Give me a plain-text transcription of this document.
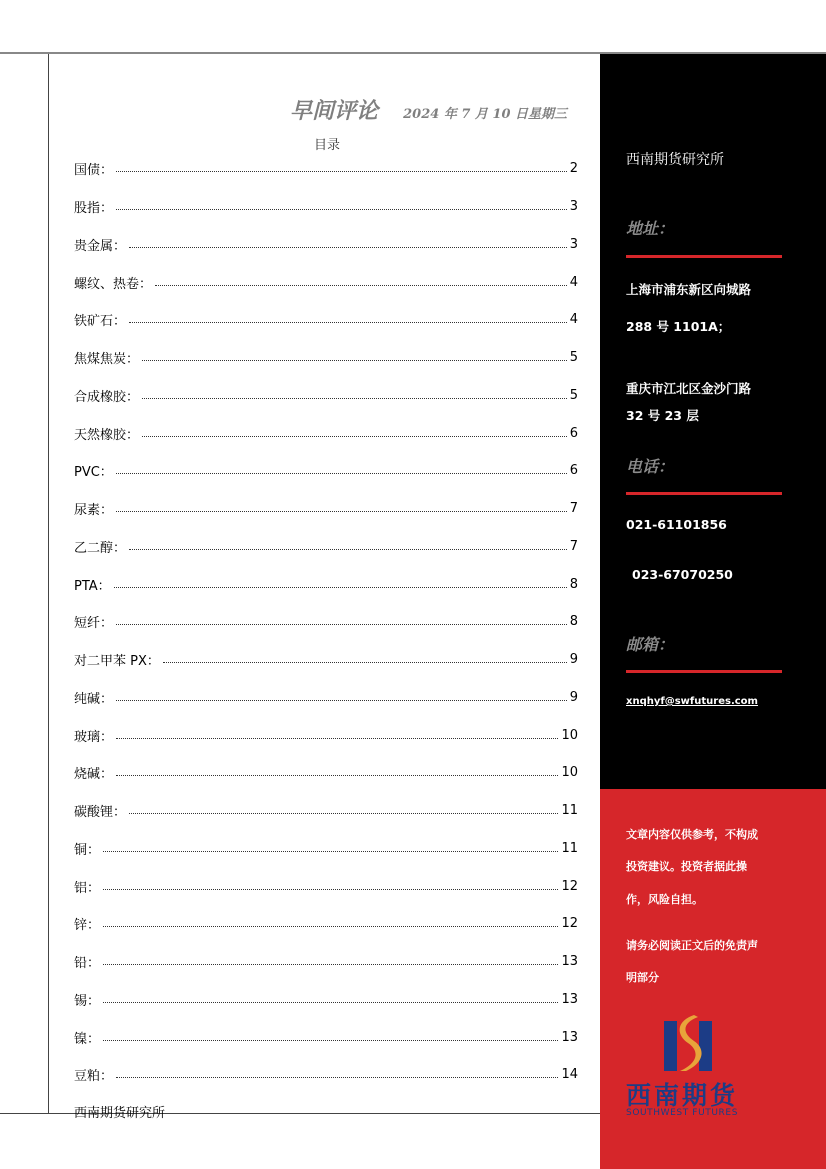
早间评论 2024 年 7 月 10 日星期三
目录
国债：	2
股指：	3
贵金属：	3
螺纹、热卷：	4
铁矿石：	4
焦煤焦炭：	5
合成橡胶：	5
天然橡胶：	6
PVC：	6
尿素：	7
乙二醇：	7
PTA：	8
短纤：	8
对二甲苯 PX：	9
纯碱：	9
玻璃：	10
烧碱：	10
碳酸锂：	11
铜：	11
铝：	12
锌：	12
铅：	13
锡：	13
镍：	13
豆粕：	14
西南期货研究所
西南期货研究所
地址：
上海市浦东新区向城路
288 号 1101A；
重庆市江北区金沙门路
32 号 23 层
电话：
021-61101856
023-67070250
邮箱：
xnqhyf@swfutures.com
文章内容仅供参考，不构成
投资建议。投资者据此操
作，风险自担。
请务必阅读正文后的免责声
明部分
西南期货
SOUTHWEST FUTURES
